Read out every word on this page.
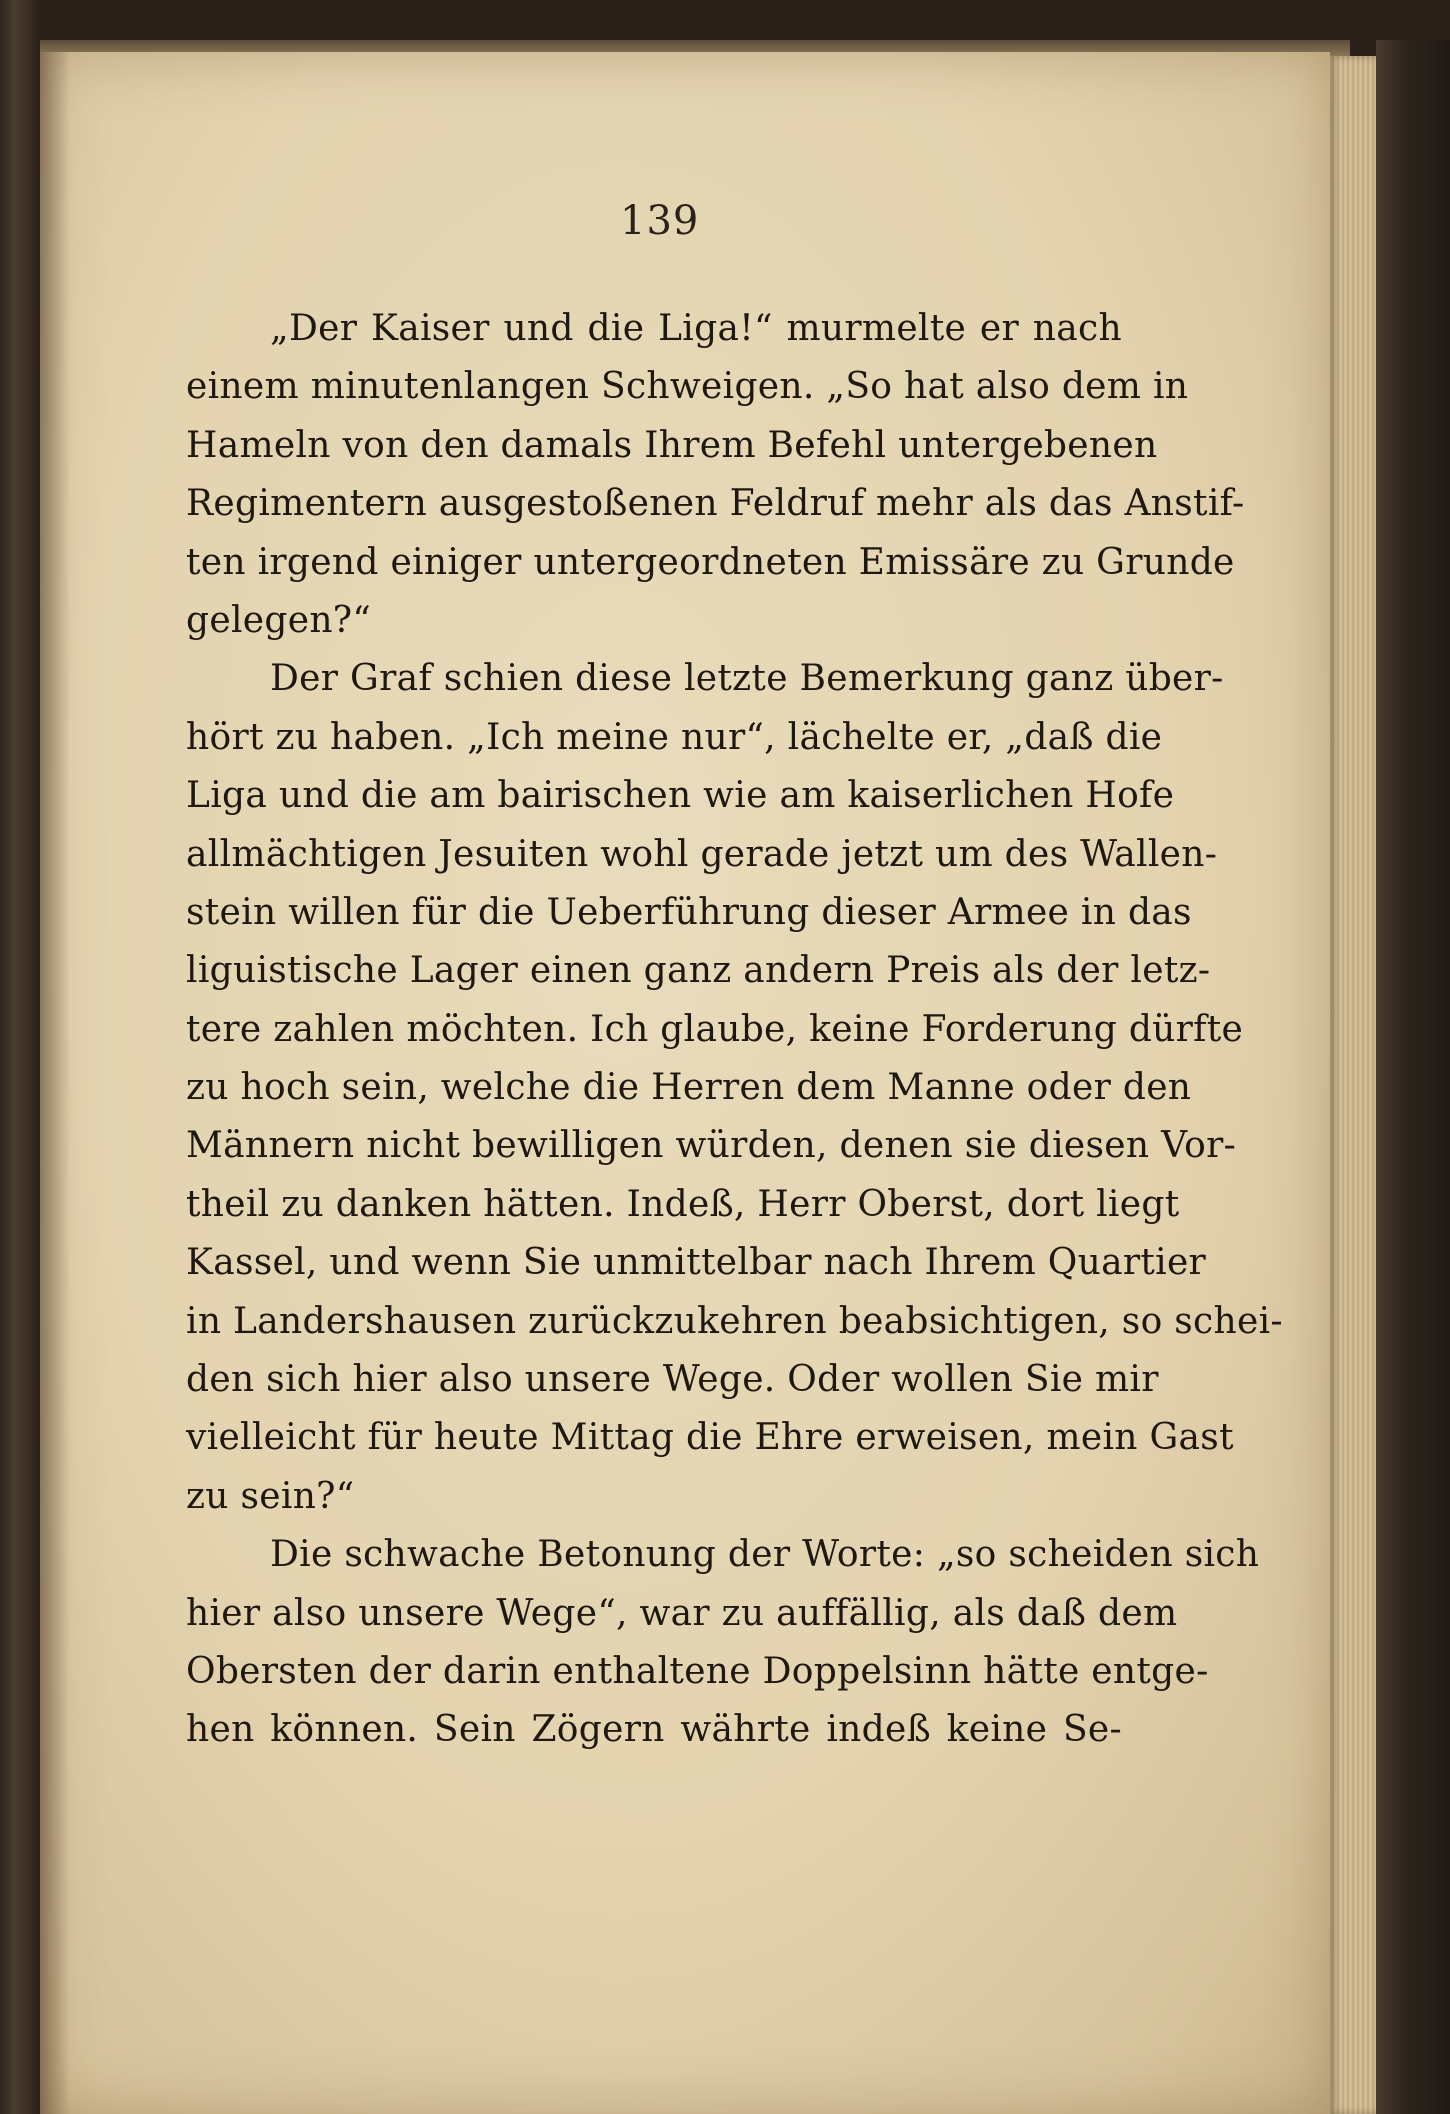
139
„Der Kaiser und die Liga!“ murmelte er nach
einem minutenlangen Schweigen. „So hat also dem in
Hameln von den damals Ihrem Befehl untergebenen
Regimentern ausgestoßenen Feldruf mehr als das Anstif-
ten irgend einiger untergeordneten Emissäre zu Grunde
gelegen?“
Der Graf schien diese letzte Bemerkung ganz über-
hört zu haben. „Ich meine nur“, lächelte er, „daß die
Liga und die am bairischen wie am kaiserlichen Hofe
allmächtigen Jesuiten wohl gerade jetzt um des Wallen-
stein willen für die Ueberführung dieser Armee in das
liguistische Lager einen ganz andern Preis als der letz-
tere zahlen möchten. Ich glaube, keine Forderung dürfte
zu hoch sein, welche die Herren dem Manne oder den
Männern nicht bewilligen würden, denen sie diesen Vor-
theil zu danken hätten. Indeß, Herr Oberst, dort liegt
Kassel, und wenn Sie unmittelbar nach Ihrem Quartier
in Landershausen zurückzukehren beabsichtigen, so schei-
den sich hier also unsere Wege. Oder wollen Sie mir
vielleicht für heute Mittag die Ehre erweisen, mein Gast
zu sein?“
Die schwache Betonung der Worte: „so scheiden sich
hier also unsere Wege“, war zu auffällig, als daß dem
Obersten der darin enthaltene Doppelsinn hätte entge-
hen können. Sein Zögern währte indeß keine Se-
